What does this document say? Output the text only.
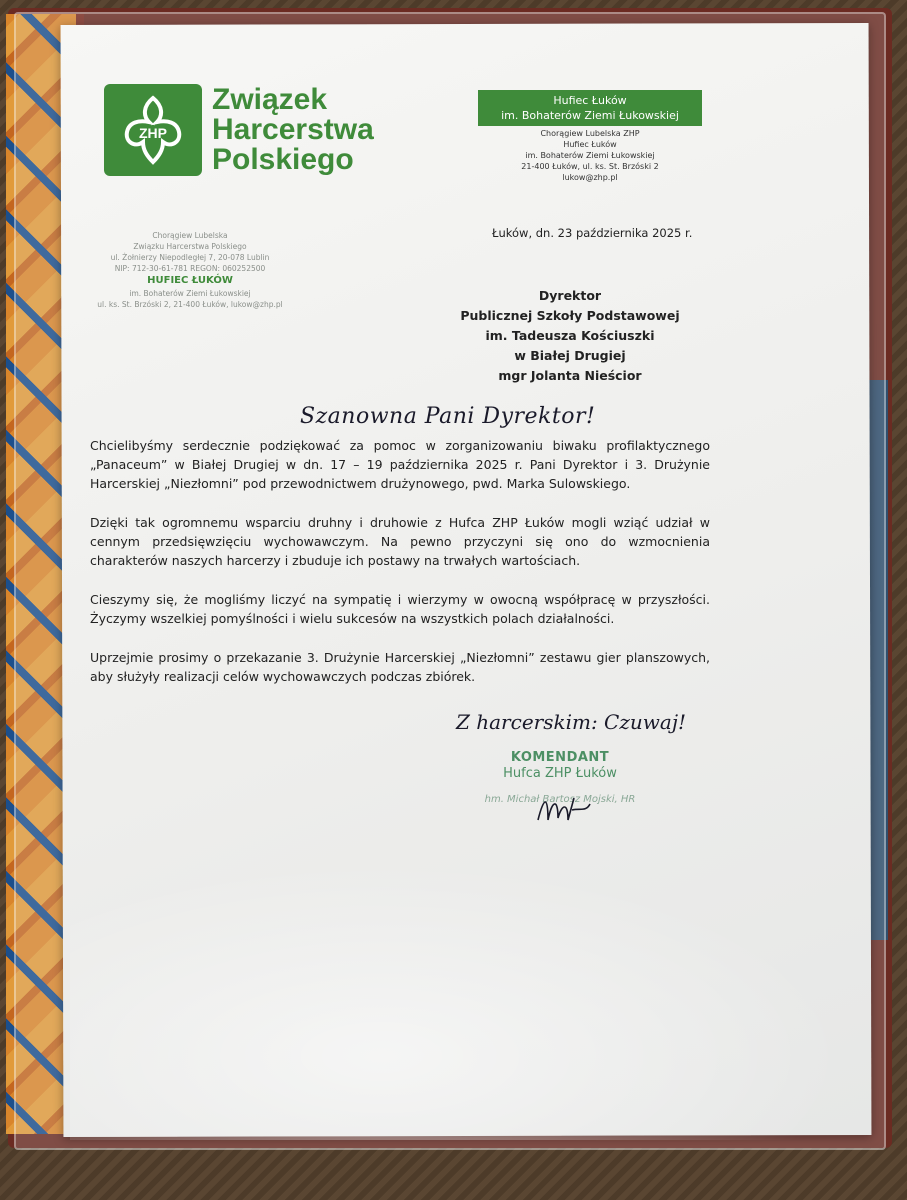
ZHP
Związek
Harcerstwa
Polskiego
Hufiec Łuków
im. Bohaterów Ziemi Łukowskiej
Chorągiew Lubelska ZHP
Hufiec Łuków
im. Bohaterów Ziemi Łukowskiej
21-400 Łuków, ul. ks. St. Brzóski 2
lukow@zhp.pl
Chorągiew Lubelska
Związku Harcerstwa Polskiego
ul. Żołnierzy Niepodległej 7, 20-078 Lublin
NIP: 712-30-61-781 REGON: 060252500
HUFIEC ŁUKÓW
im. Bohaterów Ziemi Łukowskiej
ul. ks. St. Brzóski 2, 21-400 Łuków, lukow@zhp.pl
Łuków, dn. 23 października 2025 r.
Dyrektor
Publicznej Szkoły Podstawowej
im. Tadeusza Kościuszki
w Białej Drugiej
mgr Jolanta Nieścior
Szanowna Pani Dyrektor!

Chcielibyśmy serdecznie podziękować za pomoc w zorganizowaniu biwaku profilaktycznego „Panaceum” w Białej Drugiej w dn. 17 – 19 października 2025 r. Pani Dyrektor i 3. Drużynie Harcerskiej „Niezłomni” pod przewodnictwem drużynowego, pwd. Marka Sulowskiego.

Dzięki tak ogromnemu wsparciu druhny i druhowie z Hufca ZHP Łuków mogli wziąć udział w cennym przedsięwzięciu wychowawczym. Na pewno przyczyni się ono do wzmocnienia charakterów naszych harcerzy i zbuduje ich postawy na trwałych wartościach.

Cieszymy się, że mogliśmy liczyć na sympatię i wierzymy w owocną współpracę w przyszłości. Życzymy wszelkiej pomyślności i wielu sukcesów na wszystkich polach działalności.

Uprzejmie prosimy o przekazanie 3. Drużynie Harcerskiej „Niezłomni” zestawu gier planszowych, aby służyły realizacji celów wychowawczych podczas zbiórek.

Z harcerskim: Czuwaj!
KOMENDANT
Hufca ZHP Łuków
hm. Michał Bartosz Mojski, HR
